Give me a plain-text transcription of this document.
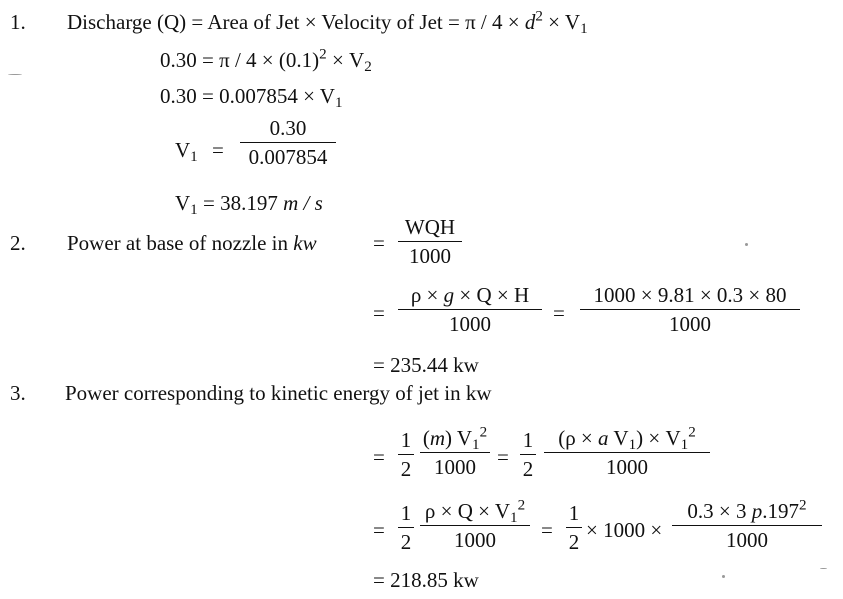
1. Discharge (Q) = Area of Jet × Velocity of Jet = $\pi / 4 \times d^2 \times V_1$
$0.30 = \pi / 4 \times (0.1)^2 \times V_2$
$0.30 = 0.007854 \times V_1$
$V_1$ =
0.30
0.007854
$V_1 = 38.197$ m / s
2. Power at base of nozzle in kw	=
WQH
1000
=
ρ × g × Q × H
1000	=
1000 × 9.81 × 0.3 × 80
1000
= 235.44 kw
3. Power corresponding to kinetic energy of jet in kw
=
1
2
(m) $V_1^2$
1000	=
1
2
(ρ × a $V_1) \times V_1^2$
1000
=
1
2
$\rho \times Q \times V_1^2$
1000	=
1
2 × 1000 ×
0.3 × 3 p.197$^2$
1000
= 218.85 kw
